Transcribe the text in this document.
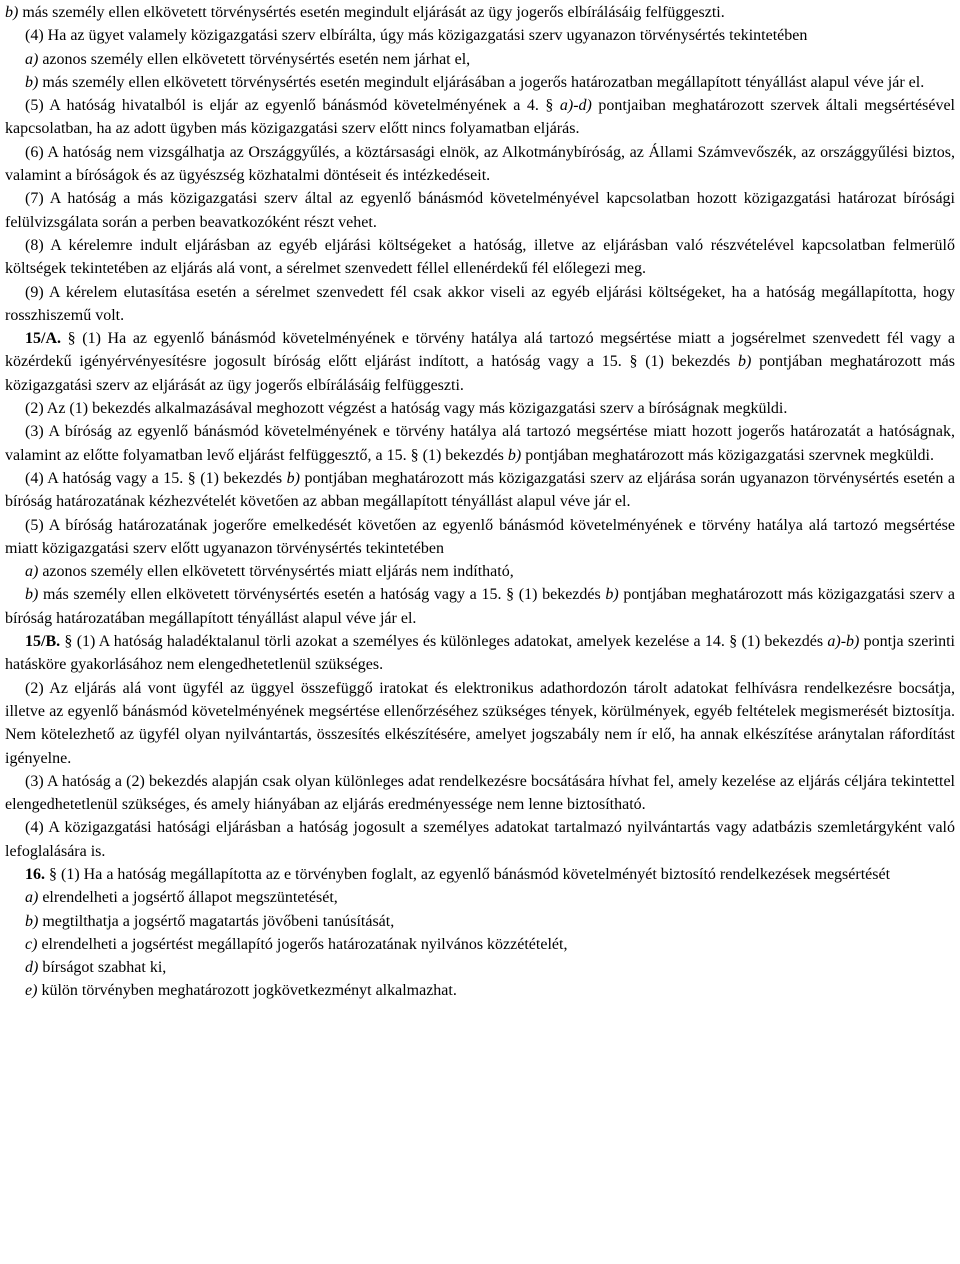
b) más személy ellen elkövetett törvénysértés esetén megindult eljárását az ügy jogerős elbírálásáig felfüggeszti.

(4) Ha az ügyet valamely közigazgatási szerv elbírálta, úgy más közigazgatási szerv ugyanazon törvénysértés tekintetében

a) azonos személy ellen elkövetett törvénysértés esetén nem járhat el,

b) más személy ellen elkövetett törvénysértés esetén megindult eljárásában a jogerős határozatban megállapított tényállást alapul véve jár el.

(5) A hatóság hivatalból is eljár az egyenlő bánásmód követelményének a 4. § a)-d) pontjaiban meghatározott szervek általi megsértésével kapcsolatban, ha az adott ügyben más közigazgatási szerv előtt nincs folyamatban eljárás.

(6) A hatóság nem vizsgálhatja az Országgyűlés, a köztársasági elnök, az Alkotmánybíróság, az Állami Számvevőszék, az országgyűlési biztos, valamint a bíróságok és az ügyészség közhatalmi döntéseit és intézkedéseit.

(7) A hatóság a más közigazgatási szerv által az egyenlő bánásmód követelményével kapcsolatban hozott közigazgatási határozat bírósági felülvizsgálata során a perben beavatkozóként részt vehet.

(8) A kérelemre indult eljárásban az egyéb eljárási költségeket a hatóság, illetve az eljárásban való részvételével kapcsolatban felmerülő költségek tekintetében az eljárás alá vont, a sérelmet szenvedett féllel ellenérdekű fél előlegezi meg.

(9) A kérelem elutasítása esetén a sérelmet szenvedett fél csak akkor viseli az egyéb eljárási költségeket, ha a hatóság megállapította, hogy rosszhiszemű volt.

15/A. § (1) Ha az egyenlő bánásmód követelményének e törvény hatálya alá tartozó megsértése miatt a jogsérelmet szenvedett fél vagy a közérdekű igényérvényesítésre jogosult bíróság előtt eljárást indított, a hatóság vagy a 15. § (1) bekezdés b) pontjában meghatározott más közigazgatási szerv az eljárását az ügy jogerős elbírálásáig felfüggeszti.

(2) Az (1) bekezdés alkalmazásával meghozott végzést a hatóság vagy más közigazgatási szerv a bíróságnak megküldi.

(3) A bíróság az egyenlő bánásmód követelményének e törvény hatálya alá tartozó megsértése miatt hozott jogerős határozatát a hatóságnak, valamint az előtte folyamatban levő eljárást felfüggesztő, a 15. § (1) bekezdés b) pontjában meghatározott más közigazgatási szervnek megküldi.

(4) A hatóság vagy a 15. § (1) bekezdés b) pontjában meghatározott más közigazgatási szerv az eljárása során ugyanazon törvénysértés esetén a bíróság határozatának kézhezvételét követően az abban megállapított tényállást alapul véve jár el.

(5) A bíróság határozatának jogerőre emelkedését követően az egyenlő bánásmód követelményének e törvény hatálya alá tartozó megsértése miatt közigazgatási szerv előtt ugyanazon törvénysértés tekintetében

a) azonos személy ellen elkövetett törvénysértés miatt eljárás nem indítható,

b) más személy ellen elkövetett törvénysértés esetén a hatóság vagy a 15. § (1) bekezdés b) pontjában meghatározott más közigazgatási szerv a bíróság határozatában megállapított tényállást alapul véve jár el.

15/B. § (1) A hatóság haladéktalanul törli azokat a személyes és különleges adatokat, amelyek kezelése a 14. § (1) bekezdés a)-b) pontja szerinti hatásköre gyakorlásához nem elengedhetetlenül szükséges.

(2) Az eljárás alá vont ügyfél az üggyel összefüggő iratokat és elektronikus adathordozón tárolt adatokat felhívásra rendelkezésre bocsátja, illetve az egyenlő bánásmód követelményének megsértése ellenőrzéséhez szükséges tények, körülmények, egyéb feltételek megismerését biztosítja. Nem kötelezhető az ügyfél olyan nyilvántartás, összesítés elkészítésére, amelyet jogszabály nem ír elő, ha annak elkészítése aránytalan ráfordítást igényelne.

(3) A hatóság a (2) bekezdés alapján csak olyan különleges adat rendelkezésre bocsátására hívhat fel, amely kezelése az eljárás céljára tekintettel elengedhetetlenül szükséges, és amely hiányában az eljárás eredményessége nem lenne biztosítható.

(4) A közigazgatási hatósági eljárásban a hatóság jogosult a személyes adatokat tartalmazó nyilvántartás vagy adatbázis szemletárgyként való lefoglalására is.

16. § (1) Ha a hatóság megállapította az e törvényben foglalt, az egyenlő bánásmód követelményét biztosító rendelkezések megsértését

a) elrendelheti a jogsértő állapot megszüntetését,

b) megtilthatja a jogsértő magatartás jövőbeni tanúsítását,

c) elrendelheti a jogsértést megállapító jogerős határozatának nyilvános közzétételét,

d) bírságot szabhat ki,

e) külön törvényben meghatározott jogkövetkezményt alkalmazhat.
